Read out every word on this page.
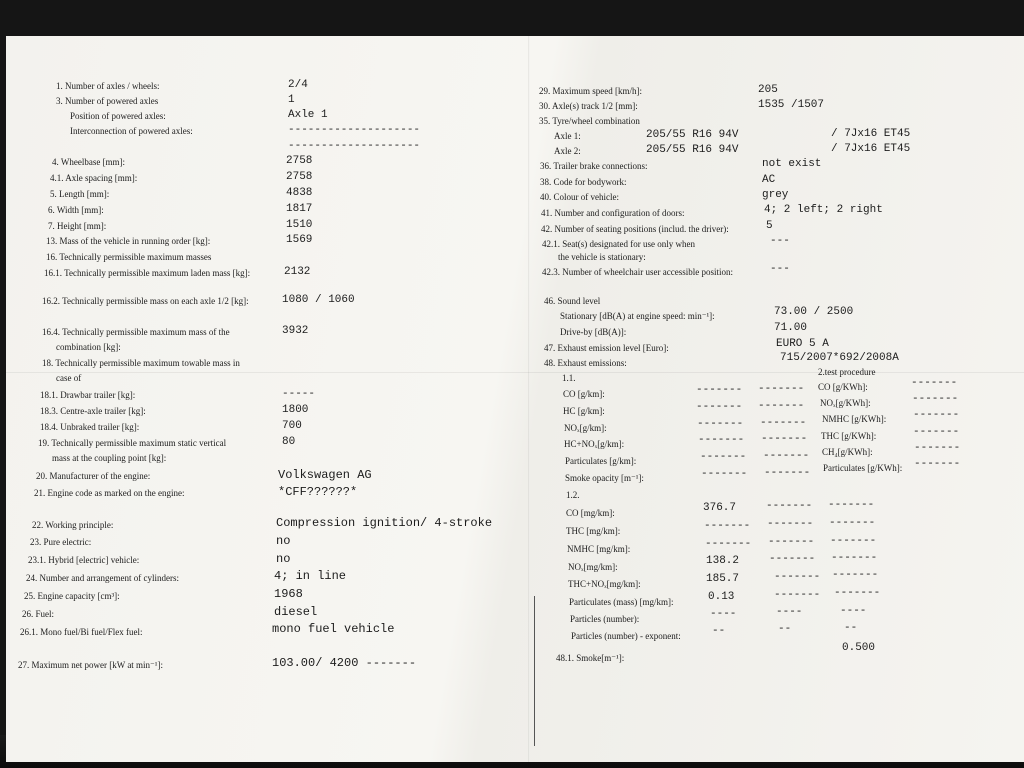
1. Number of axles / wheels:	2/4
3. Number of powered axles	1
Position of powered axles:	Axle 1
Interconnection of powered axles:	--------------------
--------------------
4. Wheelbase [mm]:	2758
4.1. Axle spacing [mm]:	2758
5. Length [mm]:	4838
6. Width [mm]:	1817
7. Height [mm]:	1510
13. Mass of the vehicle in running order [kg]:	1569
16. Technically permissible maximum masses
16.1. Technically permissible maximum laden mass [kg]:	2132
16.2. Technically permissible mass on each axle 1/2 [kg]:	1080 / 1060
16.4. Technically permissible maximum mass of the	3932
combination [kg]:
18. Technically permissible maximum towable mass in
case of
18.1. Drawbar trailer [kg]:	-----
18.3. Centre-axle trailer [kg]:	1800
18.4. Unbraked trailer [kg]:	700
19. Technically permissible maximum static vertical	80
mass at the coupling point [kg]:
20. Manufacturer of the engine:	Volkswagen AG
21. Engine code as marked on the engine:	*CFF??????*
22. Working principle:	Compression ignition/ 4-stroke
23. Pure electric:	no
23.1. Hybrid [electric] vehicle:	no
24. Number and arrangement of cylinders:	4; in line
25. Engine capacity [cm³]:	1968
26. Fuel:	diesel
26.1. Mono fuel/Bi fuel/Flex fuel:	mono fuel vehicle
27. Maximum net power [kW at min⁻¹]:	103.00/ 4200 -------
29. Maximum speed [km/h]:	205
30. Axle(s) track 1/2 [mm]:	1535 /1507
35. Tyre/wheel combination
Axle 1:	205/55 R16 94V	/ 7Jx16 ET45
Axle 2:	205/55 R16 94V	/ 7Jx16 ET45
36. Trailer brake connections:	not exist
38. Code for bodywork:	AC
40. Colour of vehicle:	grey
41. Number and configuration of doors:	4; 2 left; 2 right
42. Number of seating positions (includ. the driver):	5
42.1. Seat(s) designated for use only when	---
the vehicle is stationary:
42.3. Number of wheelchair user accessible position:	---
46. Sound level
Stationary [dB(A) at engine speed: min⁻¹]:	73.00 / 2500
Drive-by [dB(A)]:	71.00
47. Exhaust emission level [Euro]:	EURO 5 A
48. Exhaust emissions:	715/2007*692/2008A
2.test procedure
1.1.
CO [g/km]:	------- -------
HC [g/km]:	------- -------
NOₓ[g/km]:	------- -------
HC+NOₓ[g/km]:	------- -------
Particulates [g/km]:	------- -------
Smoke opacity [m⁻¹]:	------- -------
CO [g/KWh]:	-------
NOₓ[g/KWh]:	-------
NMHC [g/KWh]: -------
THC [g/KWh]:	-------
CH₄[g/KWh]:	-------
Particulates [g/KWh]: -------
1.2.
CO [mg/km]:	376.7	------- -------
THC [mg/km]:	------- ------- -------
NMHC [mg/km]:	------- ------- -------
NOₓ[mg/km]:	138.2	------- -------
THC+NOₓ[mg/km]:	185.7	------- -------
Particulates (mass) [mg/km]:	0.13	------- -------
Particles (number):	----	----	----
Particles (number) - exponent:	--	--	--
48.1. Smoke[m⁻¹]:
0.500
